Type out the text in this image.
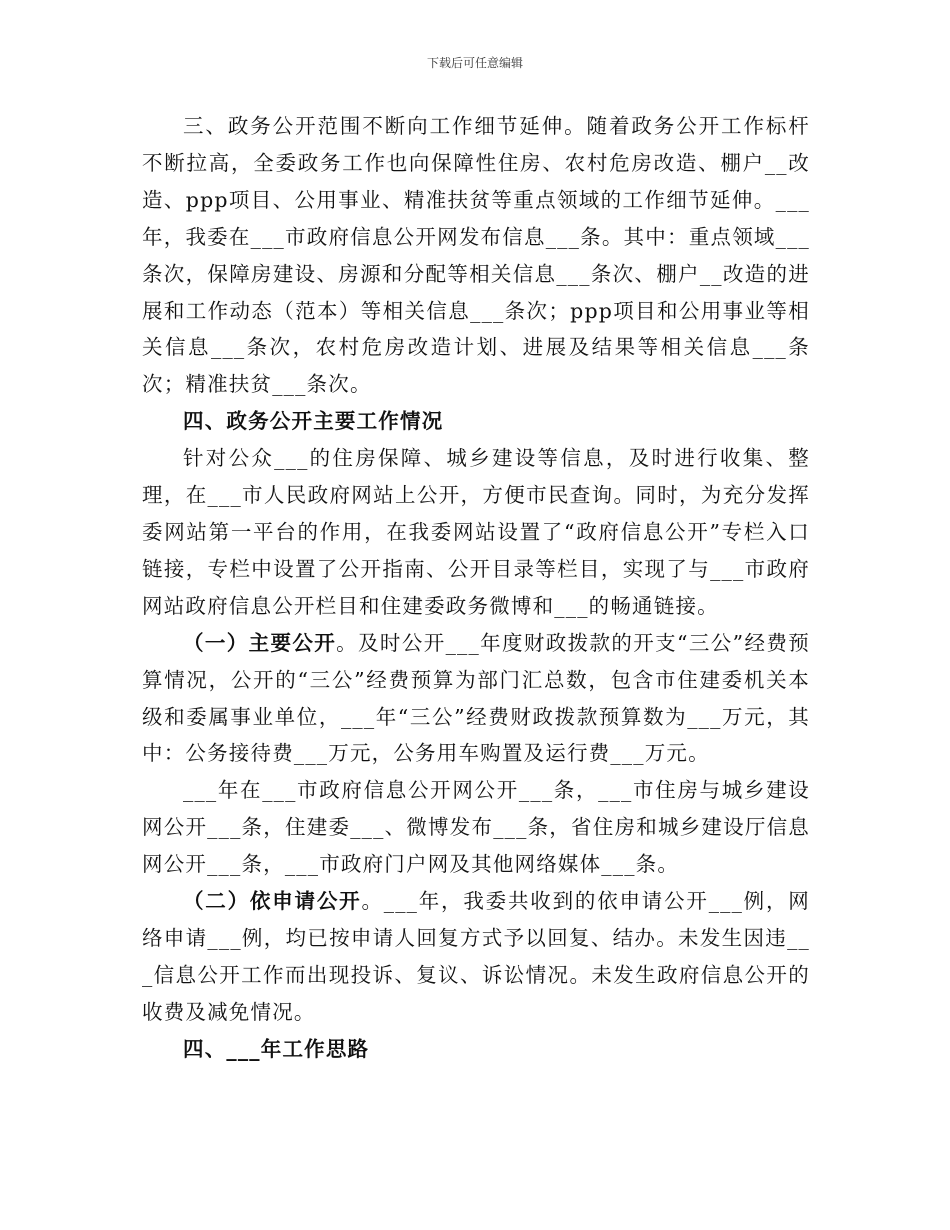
下载后可任意编辑

三、政务公开范围不断向工作细节延伸。随着政务公开工作标杆不断拉高，全委政务工作也向保障性住房、农村危房改造、棚户__改造、ppp项目、公用事业、精准扶贫等重点领域的工作细节延伸。___年，我委在___市政府信息公开网发布信息___条。其中：重点领域___条次，保障房建设、房源和分配等相关信息___条次、棚户__改造的进展和工作动态（范本）等相关信息___条次；ppp项目和公用事业等相关信息___条次，农村危房改造计划、进展及结果等相关信息___条次；精准扶贫___条次。

四、政务公开主要工作情况

针对公众___的住房保障、城乡建设等信息，及时进行收集、整理，在___市人民政府网站上公开，方便市民查询。同时，为充分发挥委网站第一平台的作用，在我委网站设置了“政府信息公开”专栏入口链接，专栏中设置了公开指南、公开目录等栏目，实现了与___市政府网站政府信息公开栏目和住建委政务微博和___的畅通链接。

（一）主要公开。及时公开___年度财政拨款的开支“三公”经费预算情况，公开的“三公”经费预算为部门汇总数，包含市住建委机关本级和委属事业单位，___年“三公”经费财政拨款预算数为___万元，其中：公务接待费___万元，公务用车购置及运行费___万元。

___年在___市政府信息公开网公开___条，___市住房与城乡建设网公开___条，住建委___、微博发布___条，省住房和城乡建设厅信息网公开___条，___市政府门户网及其他网络媒体___条。

（二）依申请公开。___年，我委共收到的依申请公开___例，网络申请___例，均已按申请人回复方式予以回复、结办。未发生因违___信息公开工作而出现投诉、复议、诉讼情况。未发生政府信息公开的收费及减免情况。

四、___年工作思路
